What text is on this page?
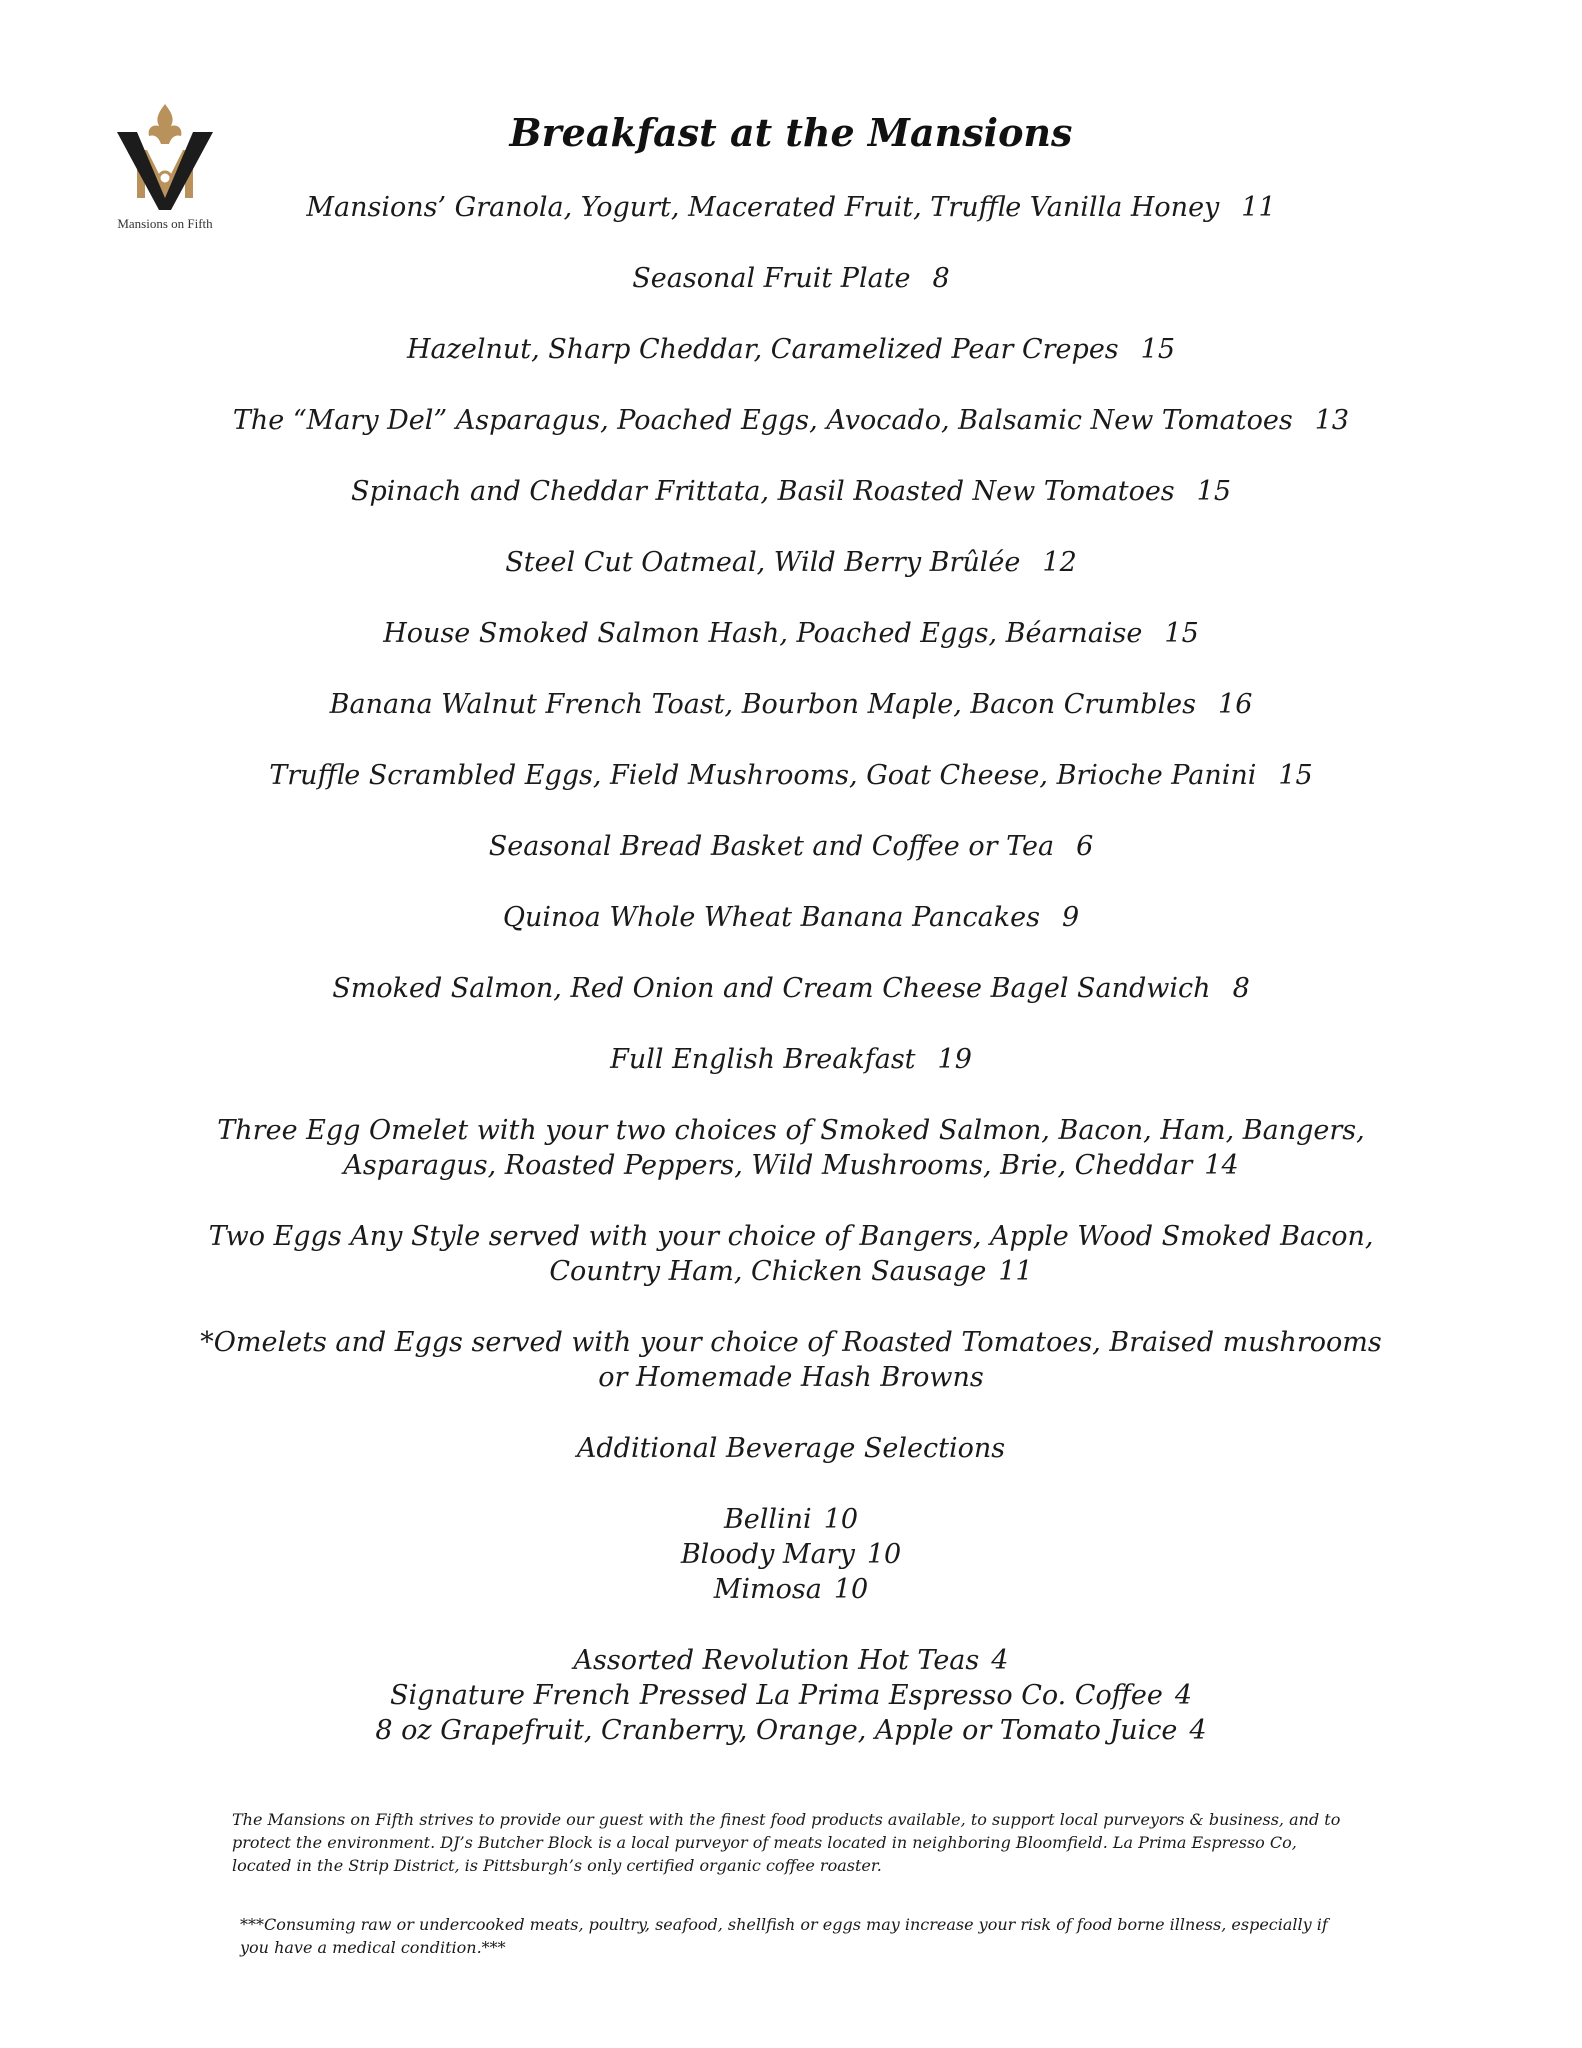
Mansions on Fifth
Breakfast at the Mansions
Mansions’ Granola, Yogurt, Macerated Fruit, Truffle Vanilla Honey 11
Seasonal Fruit Plate 8
Hazelnut, Sharp Cheddar, Caramelized Pear Crepes 15
The “Mary Del” Asparagus, Poached Eggs, Avocado, Balsamic New Tomatoes 13
Spinach and Cheddar Frittata, Basil Roasted New Tomatoes 15
Steel Cut Oatmeal, Wild Berry Brûlée 12
House Smoked Salmon Hash, Poached Eggs, Béarnaise 15
Banana Walnut French Toast, Bourbon Maple, Bacon Crumbles 16
Truffle Scrambled Eggs, Field Mushrooms, Goat Cheese, Brioche Panini 15
Seasonal Bread Basket and Coffee or Tea 6
Quinoa Whole Wheat Banana Pancakes 9
Smoked Salmon, Red Onion and Cream Cheese Bagel Sandwich 8
Full English Breakfast 19
Three Egg Omelet with your two choices of Smoked Salmon, Bacon, Ham, Bangers, Asparagus, Roasted Peppers, Wild Mushrooms, Brie, Cheddar 14
Two Eggs Any Style served with your choice of Bangers, Apple Wood Smoked Bacon, Country Ham, Chicken Sausage 11
*Omelets and Eggs served with your choice of Roasted Tomatoes, Braised mushrooms or Homemade Hash Browns
Additional Beverage Selections
Bellini 10
Bloody Mary 10
Mimosa 10
Assorted Revolution Hot Teas 4
Signature French Pressed La Prima Espresso Co. Coffee 4
8 oz Grapefruit, Cranberry, Orange, Apple or Tomato Juice 4
The Mansions on Fifth strives to provide our guest with the finest food products available, to support local purveyors & business, and to protect the environment. DJ’s Butcher Block is a local purveyor of meats located in neighboring Bloomfield. La Prima Espresso Co, located in the Strip District, is Pittsburgh’s only certified organic coffee roaster.
***Consuming raw or undercooked meats, poultry, seafood, shellfish or eggs may increase your risk of food borne illness, especially if you have a medical condition.***
